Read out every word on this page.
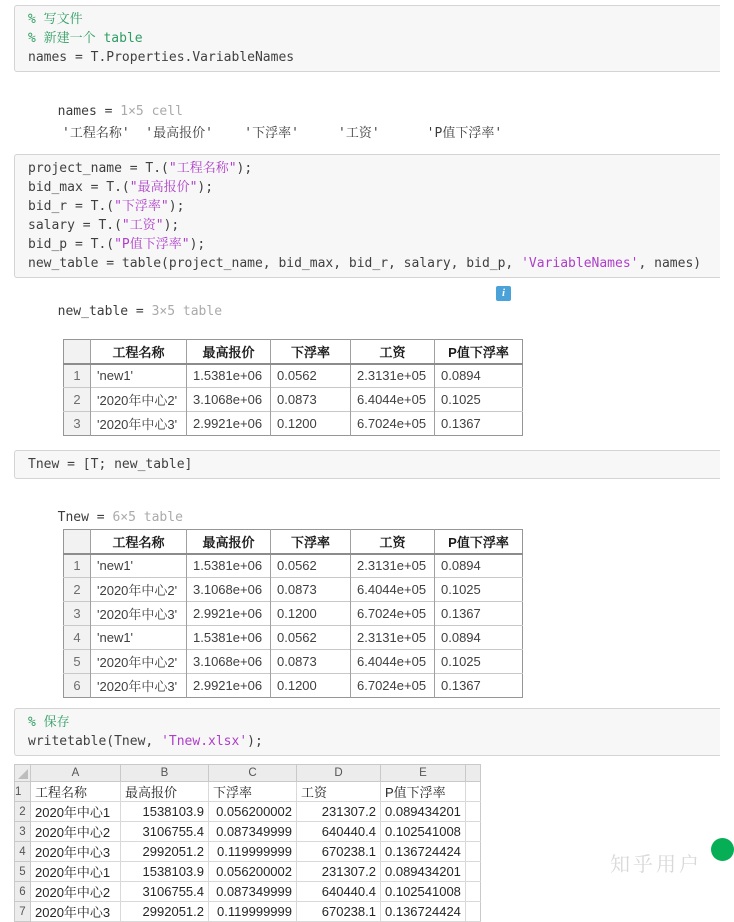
% 写文件
% 新建一个 table
names = T.Properties.VariableNames

names = 1×5 cell

'工程名称'  '最高报价'    '下浮率'     '工资'      'P值下浮率'
project_name = T.("工程名称");
bid_max = T.("最高报价");
bid_r = T.("下浮率");
salary = T.("工资");
bid_p = T.("P值下浮率");
new_table = table(project_name, bid_max, bid_r, salary, bid_p, 'VariableNames', names)

new_table = 3×5 table

i

	工程名称	最高报价	下浮率	工资	P值下浮率
1	'new1'	1.5381e+06	0.0562	2.3131e+05	0.0894
2	'2020年中心2'	3.1068e+06	0.0873	6.4044e+05	0.1025
3	'2020年中心3'	2.9921e+06	0.1200	6.7024e+05	0.1367
Tnew = [T; new_table]

Tnew = 6×5 table

	工程名称	最高报价	下浮率	工资	P值下浮率
1	'new1'	1.5381e+06	0.0562	2.3131e+05	0.0894
2	'2020年中心2'	3.1068e+06	0.0873	6.4044e+05	0.1025
3	'2020年中心3'	2.9921e+06	0.1200	6.7024e+05	0.1367
4	'new1'	1.5381e+06	0.0562	2.3131e+05	0.0894
5	'2020年中心2'	3.1068e+06	0.0873	6.4044e+05	0.1025
6	'2020年中心3'	2.9921e+06	0.1200	6.7024e+05	0.1367
% 保存
writetable(Tnew, 'Tnew.xlsx');
	A	B	C	D	E	
1	工程名称	最高报价	下浮率	工资	P值下浮率	
2	2020年中心1	1538103.9	0.056200002	231307.2	0.089434201	
3	2020年中心2	3106755.4	0.087349999	640440.4	0.102541008	
4	2020年中心3	2992051.2	0.119999999	670238.1	0.136724424	
5	2020年中心1	1538103.9	0.056200002	231307.2	0.089434201	
6	2020年中心2	3106755.4	0.087349999	640440.4	0.102541008	
7	2020年中心3	2992051.2	0.119999999	670238.1	0.136724424	
知乎用户
